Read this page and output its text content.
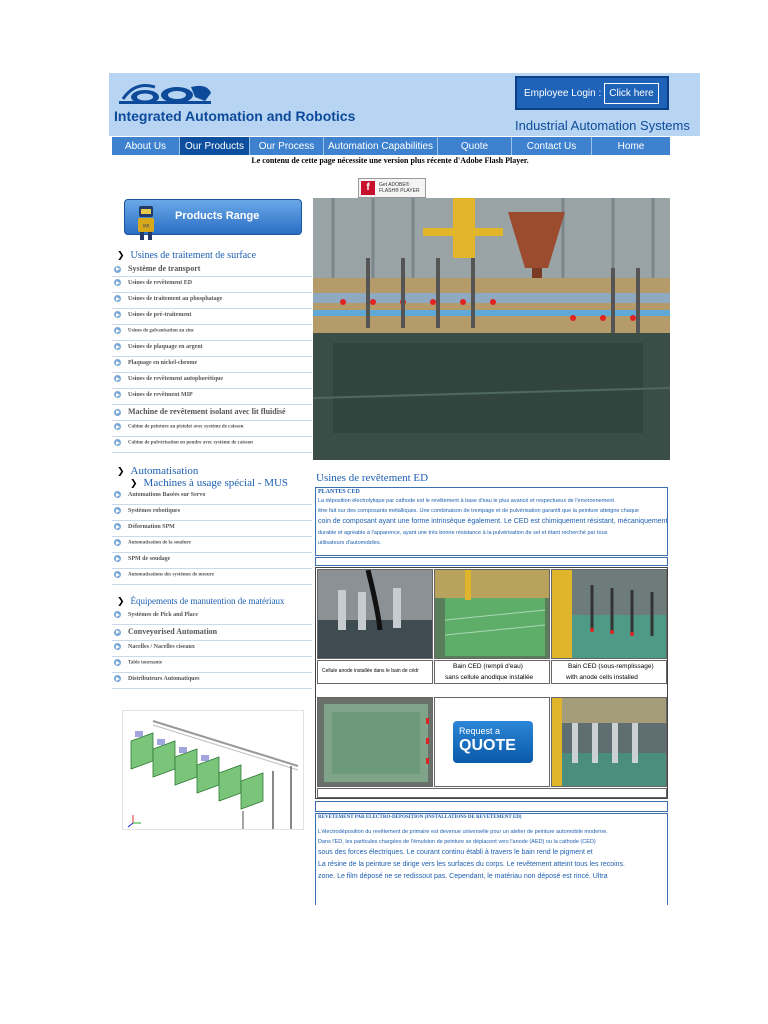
Integrated Automation and Robotics
Employee Login : Click here
Industrial Automation Systems
About Us	Our Products	Our Process	Automation Capabilities	Quote	Contact Us	Home
Le contenu de cette page nécessite une version plus récente d'Adobe Flash Player.
f	Get ADOBE®
FLASH® PLAYER
IAR
Products Range
❯ Usines de traitement de surface
Système de transport
Usines de revêtement ED
Usines de traitement au phosphatage
Usines de pré-traitement
Usines de galvanisation au zinc
Usines de plaquage en argent
Plaquage en nickel-chrome
Usines de revêtement autophorétique
Usines de revêtment MIP
Machine de revêtement isolant avec lit fluidisé
Cabine de peinture au pistolet avec système de caisson
Cabine de pulvérisation en poudre avec système de caisson
❯ Automatisation
❯ Machines à usage spécial - MUS
Automations Basées sur Servo
Systèmes robotiques
Déformation SPM
Automatisation de la soudure
SPM de soudage
Automatisations des systèmes de mesure
❯ Équipements de manutention de matériaux
Systèmes de Pick and Place
Conveyorised Automation
Nacelles / Nacelles ciseaux
Table tournante
Distributeurs Automatiques
Usines de revêtement ED
PLANTES CED

La déposition électrolytique par cathode est le revêtement à base d'eau le plus avancé et respectueux de l'environnement.

être fait sur des composants métalliques. Une combinaison de trempage et de pulvérisation garantit que la peinture atteigne chaque

coin de composant ayant une forme intrinsèque également. Le CED est chimiquement résistant, mécaniquement

durable et agréable à l'apparence, ayant une très bonne résistance à la pulvérisation de sel et étant recherché par tous

utilisateurs d'automobiles.

Cellule anode installée dans le bain de cédr
Bain CED (rempli d'eau)
sans cellule anodique installée
Bain CED (sous-remplissage)
with anode cells installed
Request a
QUOTE
REVÊTEMENT PAR ÉLECTRO-DÉPOSITION (INSTALLATIONS DE REVÊTEMENT ED)

L'électrodéposition du revêtement de primaire est devenue universelle pour un atelier de peinture automobile moderne.

Dans l'ED, les particules chargées de l'émulsion de peinture se déplacent vers l'anode (AED) ou la cathode (CED)

sous des forces électriques. Le courant continu établi à travers le bain rend le pigment et

La résine de la peinture se dirige vers les surfaces du corps. Le revêtement atteint tous les recoins.

zone. Le film déposé ne se redissout pas. Cependant, le matériau non déposé est rincé. Ultra
